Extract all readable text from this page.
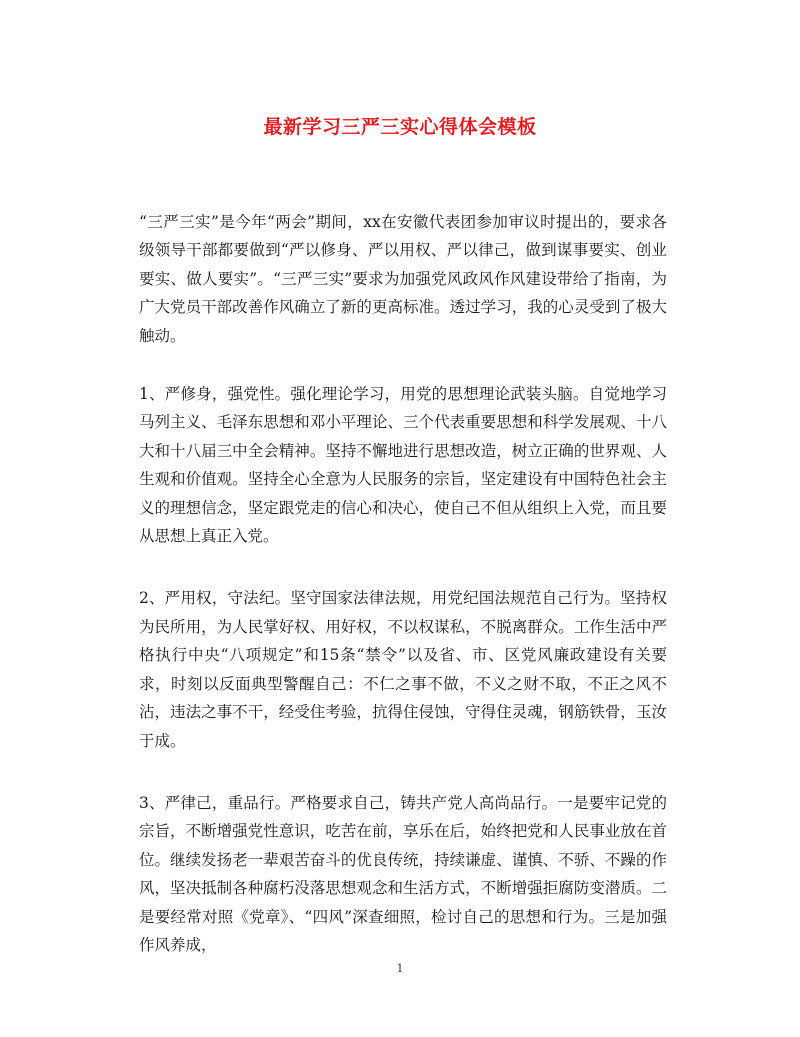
最新学习三严三实心得体会模板

“三严三实”是今年“两会”期间，xx在安徽代表团参加审议时提出的，要求各级领导干部都要做到“严以修身、严以用权、严以律己，做到谋事要实、创业要实、做人要实”。“三严三实”要求为加强党风政风作风建设带给了指南，为广大党员干部改善作风确立了新的更高标准。透过学习，我的心灵受到了极大触动。

1、严修身，强党性。强化理论学习，用党的思想理论武装头脑。自觉地学习马列主义、毛泽东思想和邓小平理论、三个代表重要思想和科学发展观、十八大和十八届三中全会精神。坚持不懈地进行思想改造，树立正确的世界观、人生观和价值观。坚持全心全意为人民服务的宗旨，坚定建设有中国特色社会主义的理想信念，坚定跟党走的信心和决心，使自己不但从组织上入党，而且要从思想上真正入党。

2、严用权，守法纪。坚守国家法律法规，用党纪国法规范自己行为。坚持权为民所用，为人民掌好权、用好权，不以权谋私，不脱离群众。工作生活中严格执行中央“八项规定”和15条“禁令”以及省、市、区党风廉政建设有关要求，时刻以反面典型警醒自己：不仁之事不做，不义之财不取，不正之风不沾，违法之事不干，经受住考验，抗得住侵蚀，守得住灵魂，钢筋铁骨，玉汝于成。

3、严律己，重品行。严格要求自己，铸共产党人高尚品行。一是要牢记党的宗旨，不断增强党性意识，吃苦在前，享乐在后，始终把党和人民事业放在首位。继续发扬老一辈艰苦奋斗的优良传统，持续谦虚、谨慎、不骄、不躁的作风，坚决抵制各种腐朽没落思想观念和生活方式，不断增强拒腐防变潜质。二是要经常对照《党章》、“四风”深查细照，检讨自己的思想和行为。三是加强作风养成，

1
